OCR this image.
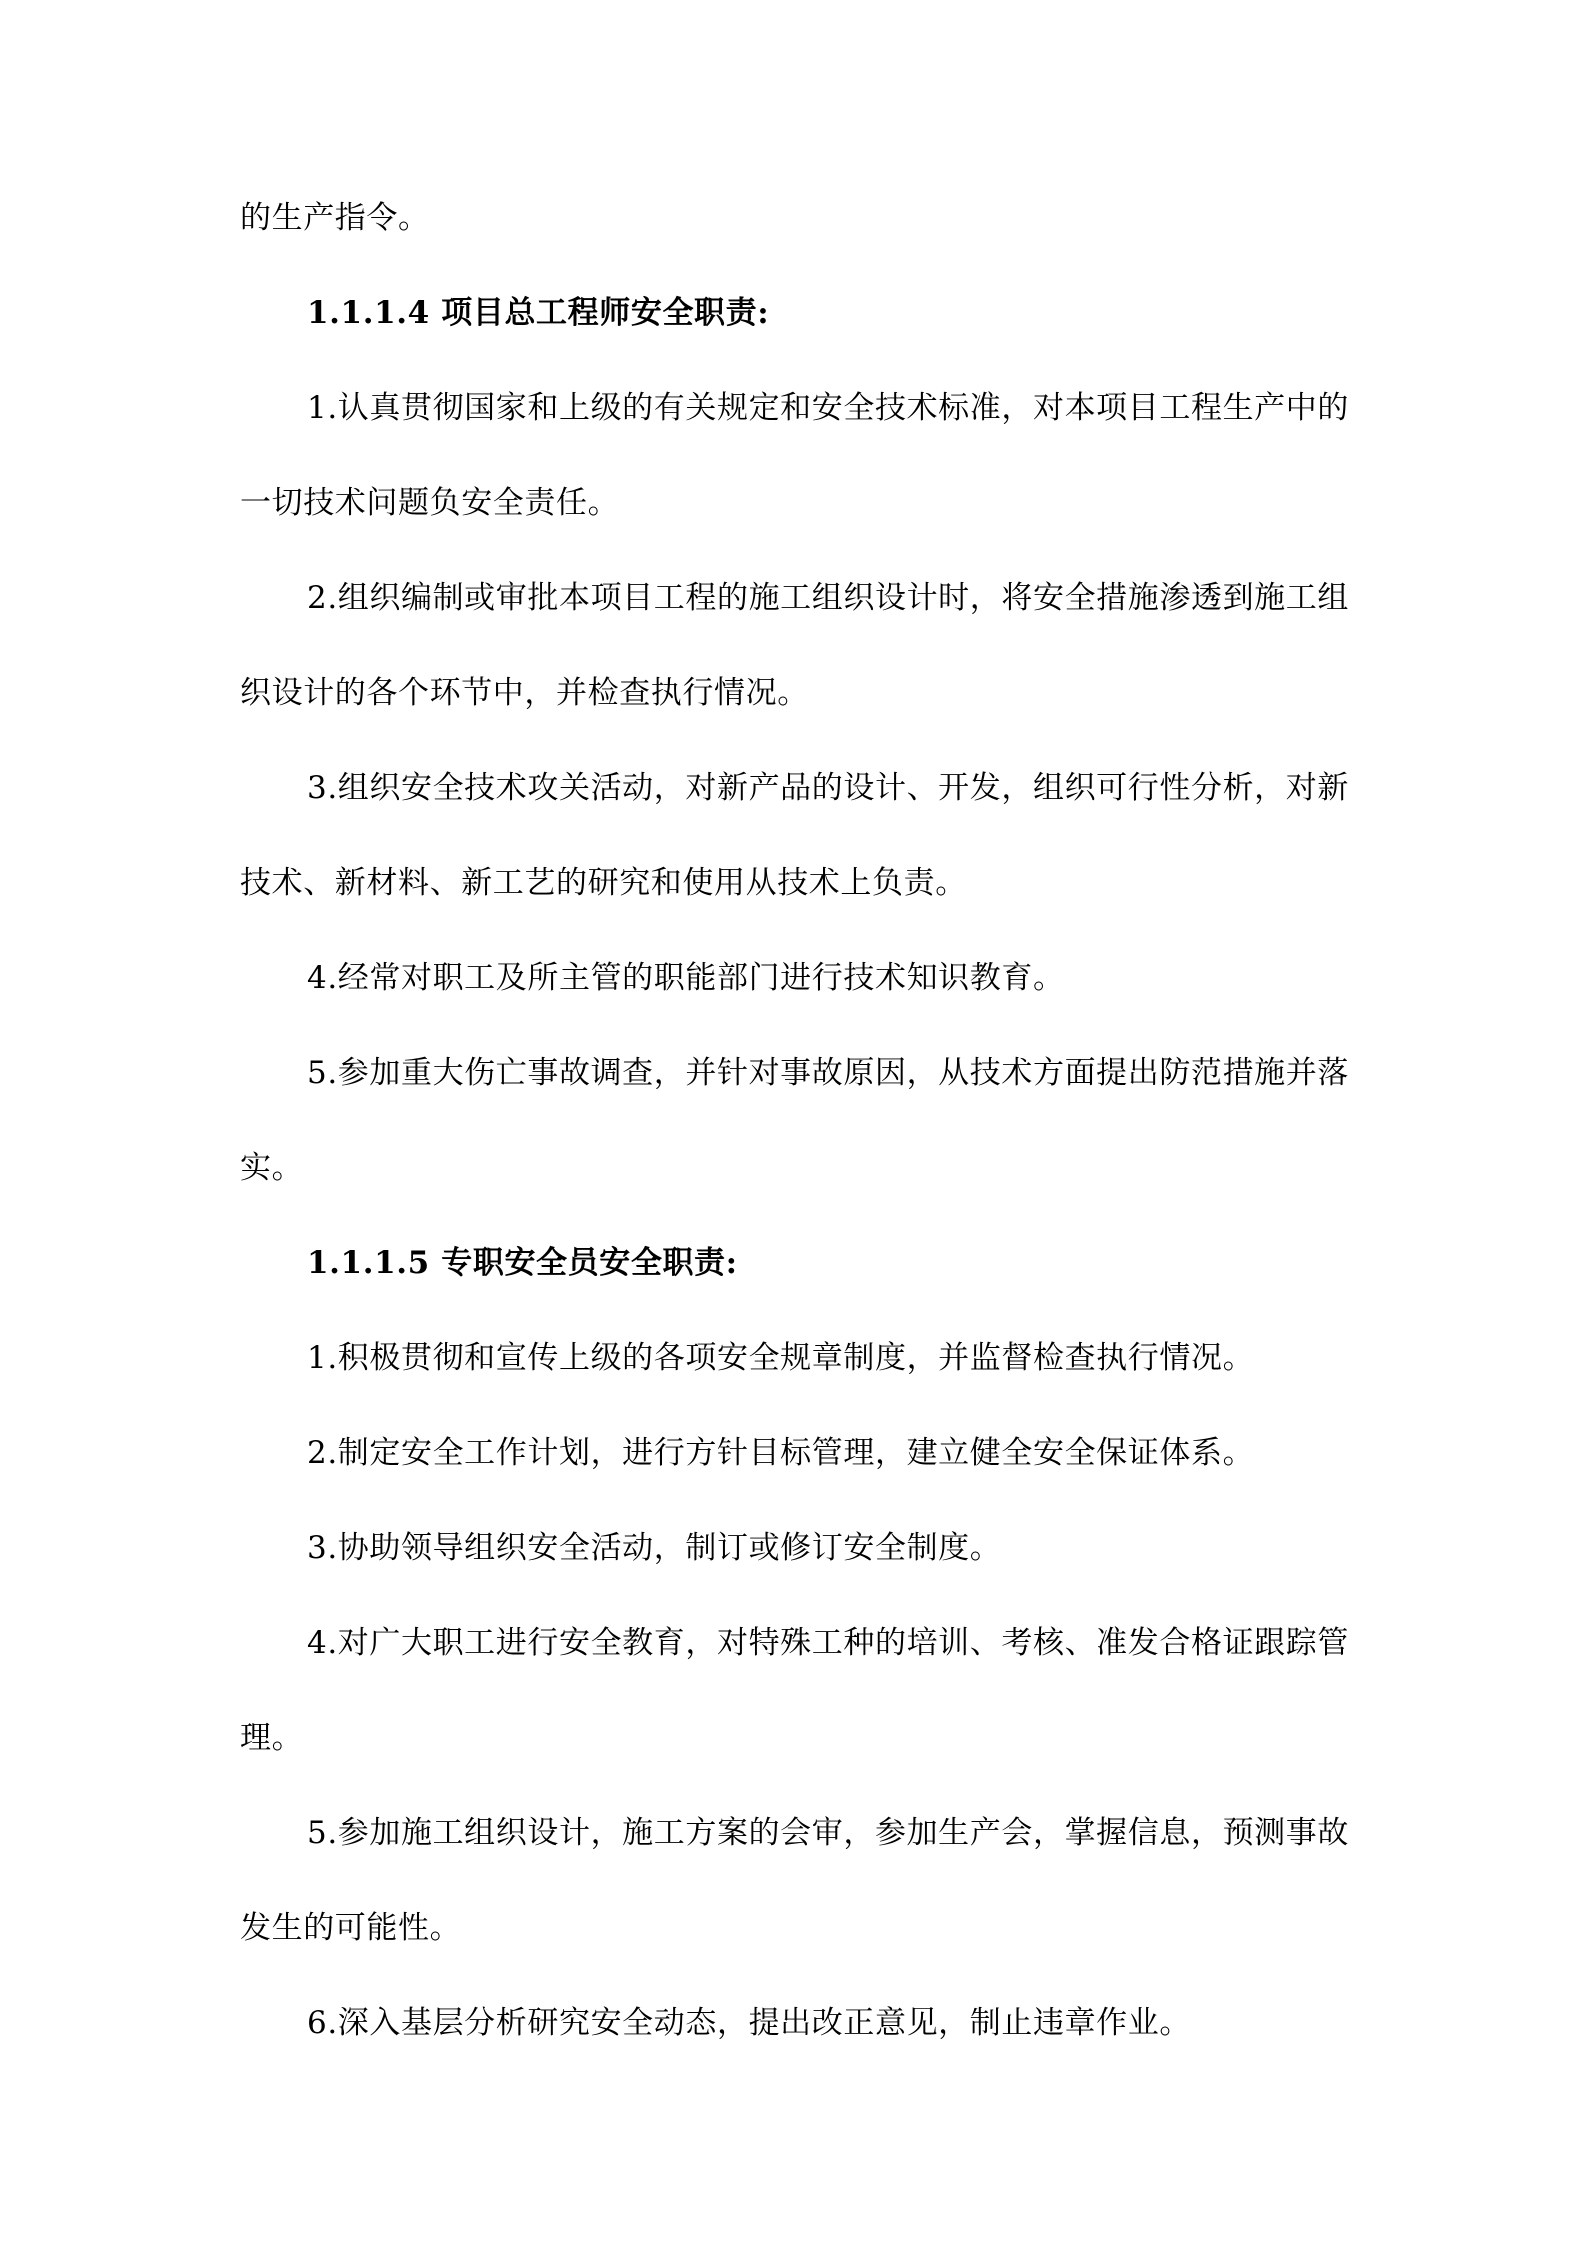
的生产指令。
1.1.1.4 项目总工程师安全职责:
1.认真贯彻国家和上级的有关规定和安全技术标准，对本项目工程生产中的
一切技术问题负安全责任。
2.组织编制或审批本项目工程的施工组织设计时，将安全措施渗透到施工组
织设计的各个环节中，并检查执行情况。
3.组织安全技术攻关活动，对新产品的设计、开发，组织可行性分析，对新
技术、新材料、新工艺的研究和使用从技术上负责。
4.经常对职工及所主管的职能部门进行技术知识教育。
5.参加重大伤亡事故调查，并针对事故原因，从技术方面提出防范措施并落
实。
1.1.1.5 专职安全员安全职责:
1.积极贯彻和宣传上级的各项安全规章制度，并监督检查执行情况。
2.制定安全工作计划，进行方针目标管理，建立健全安全保证体系。
3.协助领导组织安全活动，制订或修订安全制度。
4.对广大职工进行安全教育，对特殊工种的培训、考核、准发合格证跟踪管
理。
5.参加施工组织设计，施工方案的会审，参加生产会，掌握信息，预测事故
发生的可能性。
6.深入基层分析研究安全动态，提出改正意见，制止违章作业。
